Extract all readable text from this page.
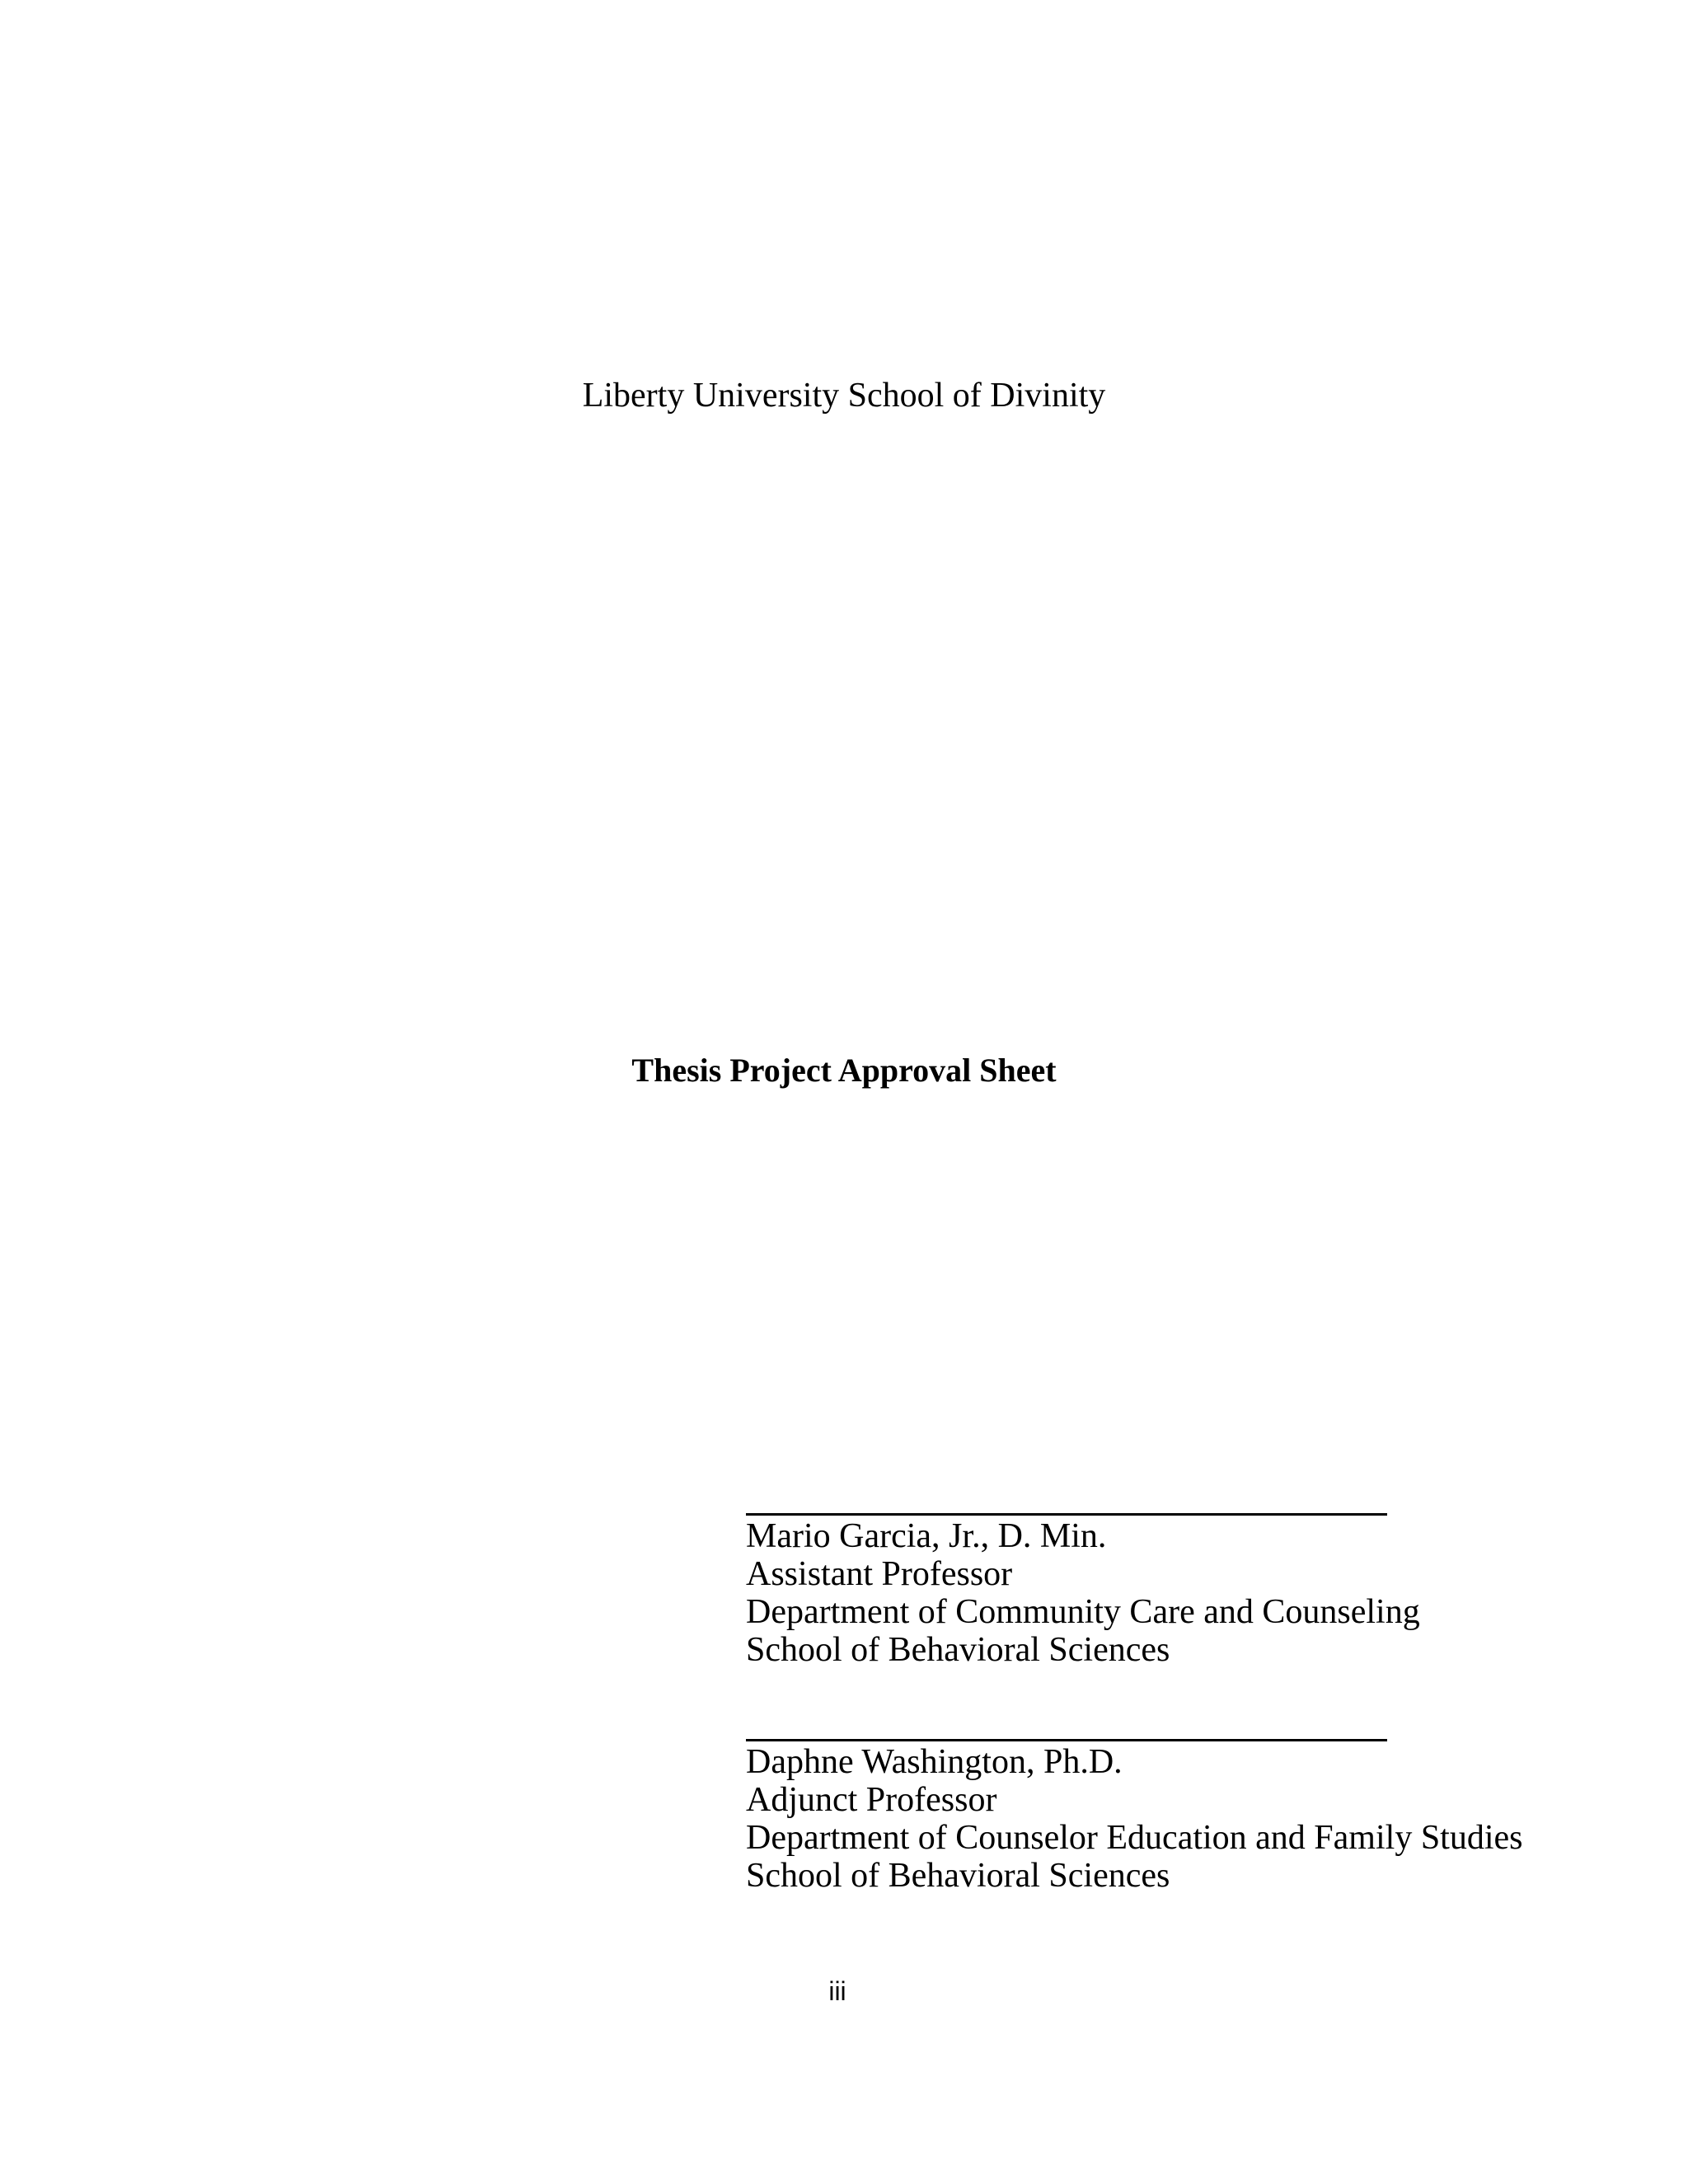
Liberty University School of Divinity
Thesis Project Approval Sheet
Mario Garcia, Jr., D. Min.
Assistant Professor
Department of Community Care and Counseling
School of Behavioral Sciences
Daphne Washington, Ph.D.
Adjunct Professor
Department of Counselor Education and Family Studies
School of Behavioral Sciences
iii
